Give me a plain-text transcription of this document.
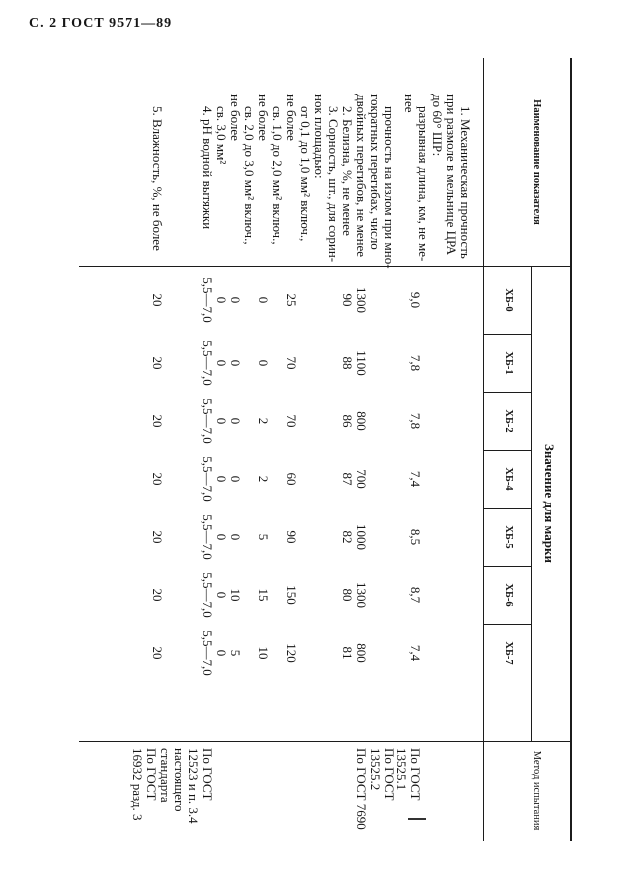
С. 2 ГОСТ 9571—89
Наименование показателя
Значение для марки
ХБ-0
ХБ-1
ХБ-2
ХБ-4
ХБ-5
ХБ-6
ХБ-7
Метод испытания
1. Механическая прочность
при размоле в мельнице ЦРА
до 60° ШР:
разрывная длина, км, не ме-
нее
прочность на излом при мно-
гократных перегибах, число
двойных перегибов, не менее
2. Белизна, %, не менее
3. Сорность, шт., для сорин-
нок площадью:
от 0,1 до 1,0 мм² включ.,
не более
св. 1,0 до 2,0 мм² включ.,
не более
св. 2,0 до 3,0 мм² включ.,
не более
св. 3,0 мм²
4. pH водной вытяжки
5. Влажность, %, не более
9,0
7,8
7,8
7,4
8,5
8,7
7,4
1300
1100
800
700
1000
1300
800
90
88
86
87
82
80
81
25
70
70
60
90
150
120
0
0
2
2
5
15
10
0
0
0
0
0
10
5
0
0
0
0
0
0
0
5,5—7,0
5,5—7,0
5,5—7,0
5,5—7,0
5,5—7,0
5,5—7,0
5,5—7,0
20
20
20
20
20
20
20
По ГОСТ
13525.1
По ГОСТ
13525.2
По ГОСТ 7690
По ГОСТ
12523 и п. 3.4
настоящего
стандарта
По ГОСТ
16932 разд. 3
